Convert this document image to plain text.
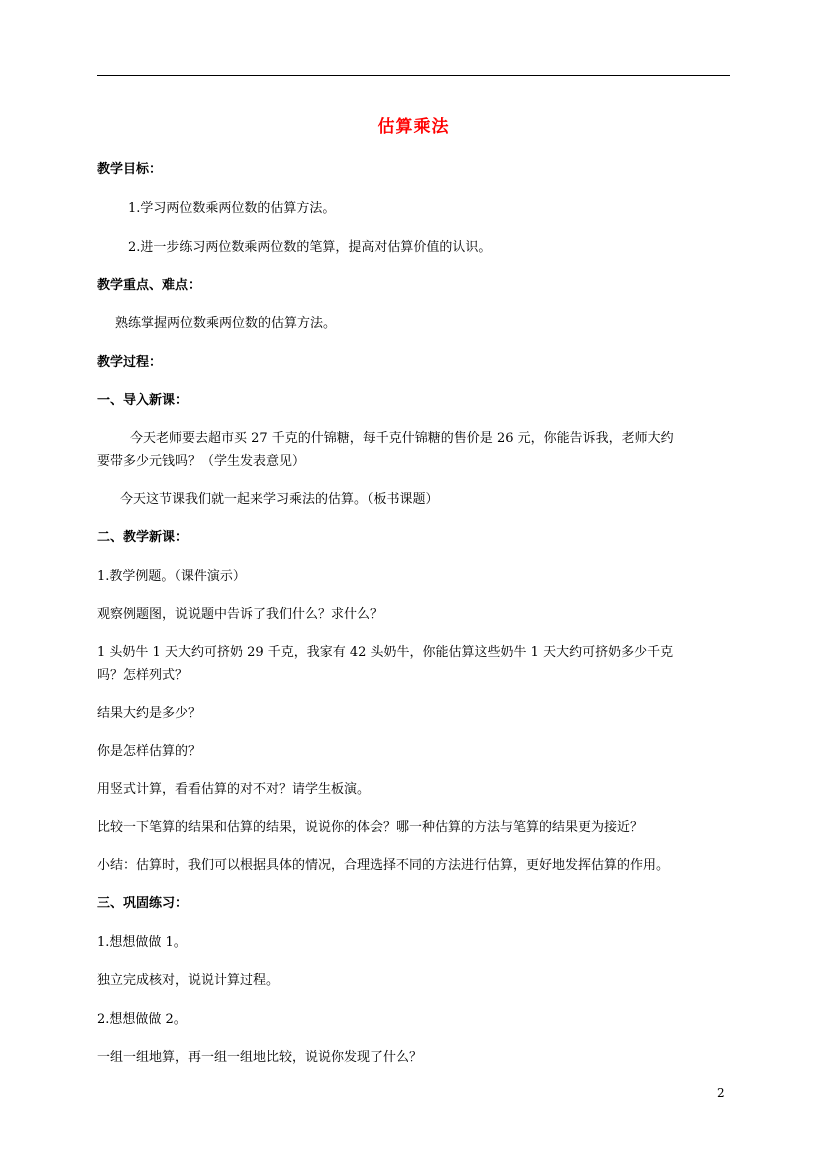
估算乘法
教学目标：
1.学习两位数乘两位数的估算方法。
2.进一步练习两位数乘两位数的笔算，提高对估算价值的认识。
教学重点、难点：
熟练掌握两位数乘两位数的估算方法。
教学过程：
一、导入新课：
今天老师要去超市买 27 千克的什锦糖，每千克什锦糖的售价是 26 元，你能告诉我，老师大约
要带多少元钱吗？（学生发表意见）
今天这节课我们就一起来学习乘法的估算。（板书课题）
二、教学新课：
1.教学例题。（课件演示）
观察例题图，说说题中告诉了我们什么？求什么？
1 头奶牛 1 天大约可挤奶 29 千克，我家有 42 头奶牛，你能估算这些奶牛 1 天大约可挤奶多少千克
吗？怎样列式？
结果大约是多少？
你是怎样估算的？
用竖式计算，看看估算的对不对？请学生板演。
比较一下笔算的结果和估算的结果，说说你的体会？哪一种估算的方法与笔算的结果更为接近？
小结：估算时，我们可以根据具体的情况，合理选择不同的方法进行估算，更好地发挥估算的作用。
三、巩固练习：
1.想想做做 1。
独立完成核对，说说计算过程。
2.想想做做 2。
一组一组地算，再一组一组地比较，说说你发现了什么？
2
